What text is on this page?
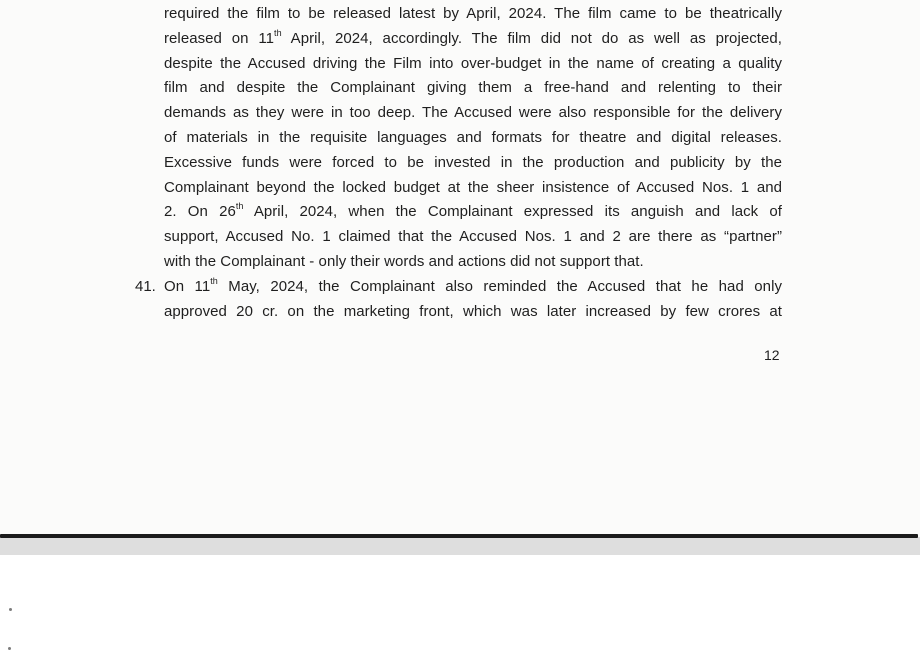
required the film to be released latest by April, 2024. The film came to be theatrically
released on 11th April, 2024, accordingly. The film did not do as well as projected,
despite the Accused driving the Film into over-budget in the name of creating a quality
film and despite the Complainant giving them a free-hand and relenting to their
demands as they were in too deep. The Accused were also responsible for the delivery
of materials in the requisite languages and formats for theatre and digital releases.
Excessive funds were forced to be invested in the production and publicity by the
Complainant beyond the locked budget at the sheer insistence of Accused Nos. 1 and
2. On 26th April, 2024, when the Complainant expressed its anguish and lack of
support, Accused No. 1 claimed that the Accused Nos. 1 and 2 are there as “partner”
with the Complainant - only their words and actions did not support that.
41. On 11th May, 2024, the Complainant also reminded the Accused that he had only
approved 20 cr. on the marketing front, which was later increased by few crores at
12
